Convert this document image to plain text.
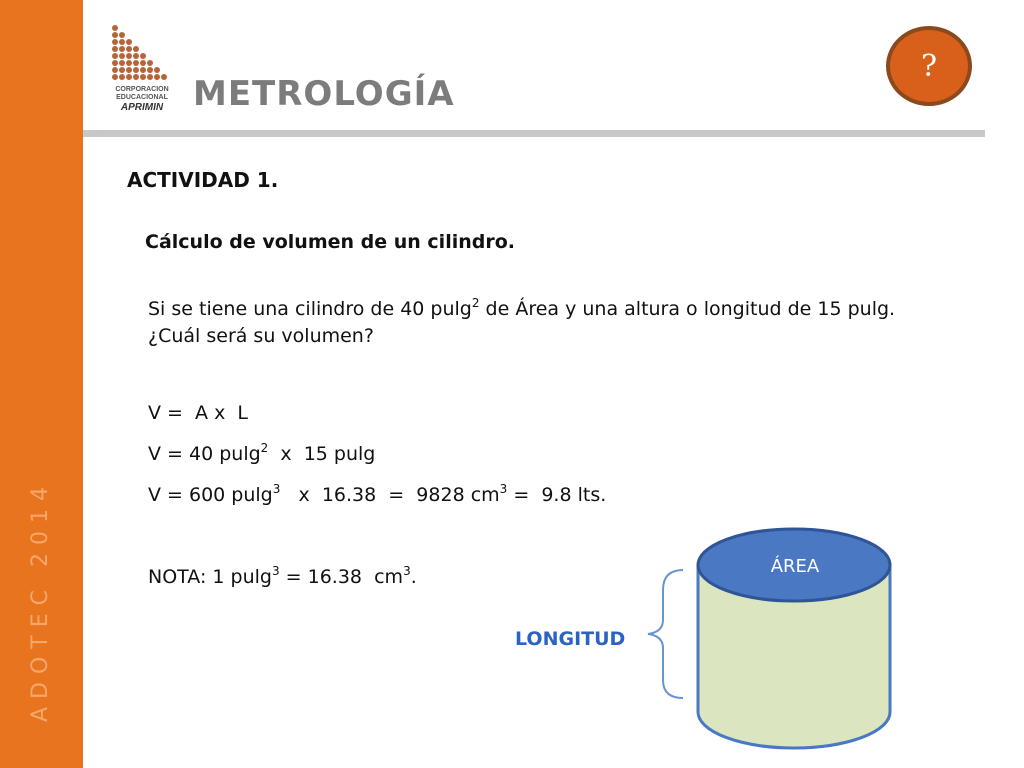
ADOTEC 2014
CORPORACION
EDUCACIONAL
APRIMIN METROLOGÍA
?
ACTIVIDAD 1.
Cálculo de volumen de un cilindro.
Si se tiene una cilindro de 40 pulg$^2$ de Área y una altura o longitud de 15 pulg. ¿Cuál será su volumen?
V =  A x  L
V = 40 pulg$^2$  x  15 pulg
V = 600 pulg$^3$   x  16.38  =  9828 $cm^3 = 9.8$ lts.
NOTA: 1 pulg$^3$ = 16.38  $cm^3$.	ÁREA
LONGITUD
